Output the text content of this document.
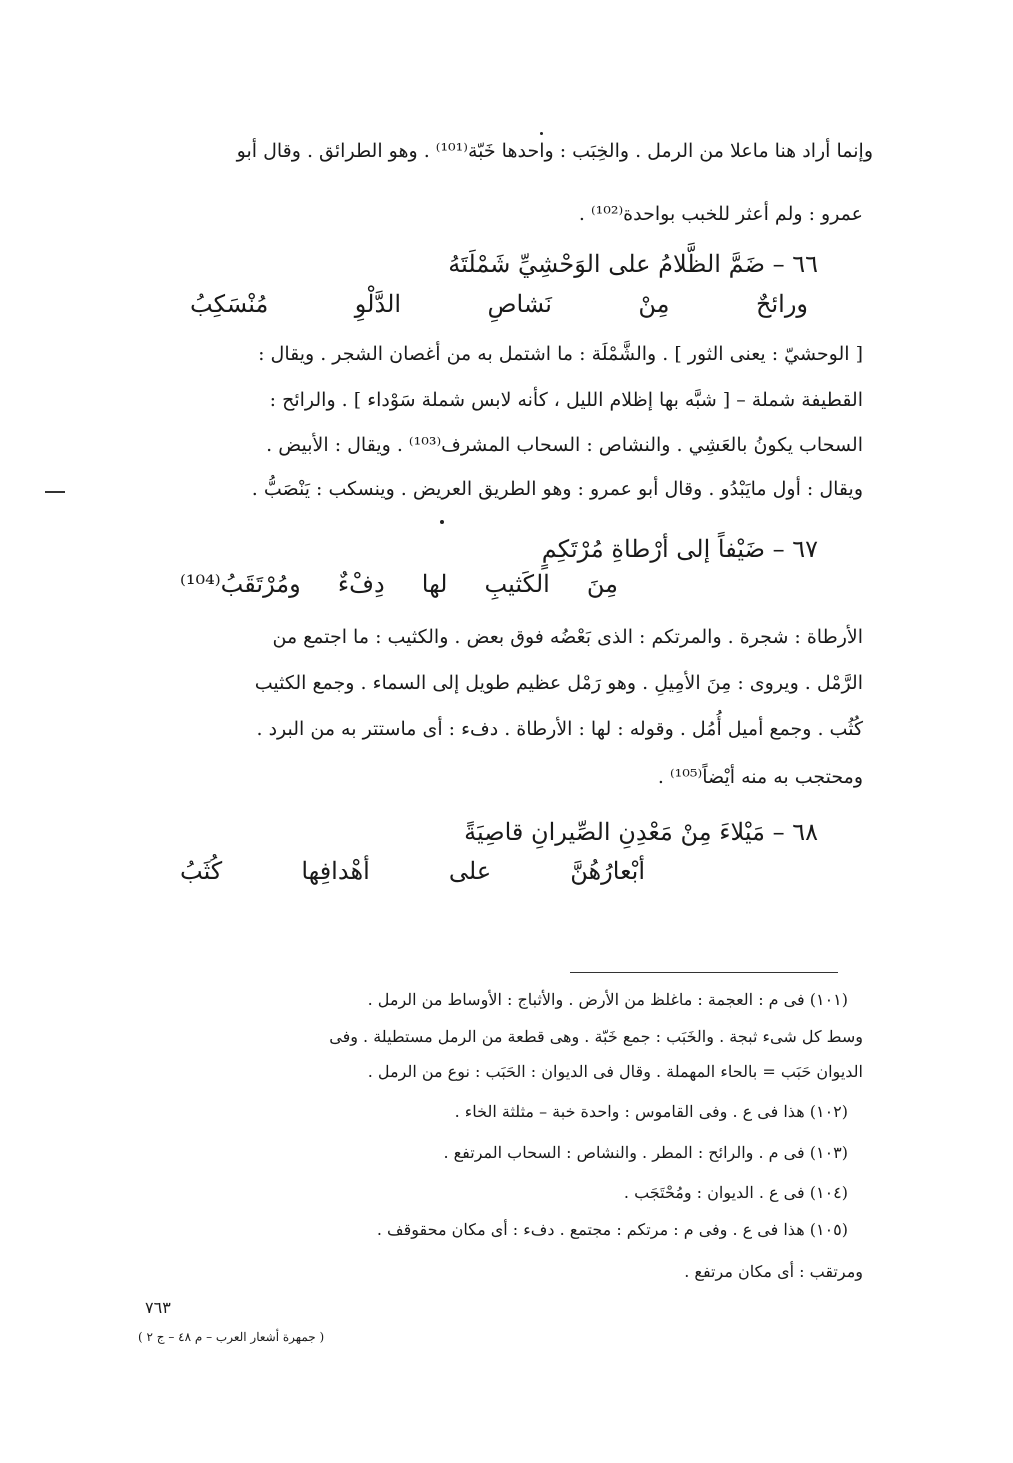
وإنما أراد هنا ماعلا من الرمل . والخِبَب : واحدها خَبّة⁽¹⁰¹⁾ . وهو الطرائق . وقال أبو
عمرو : ولم أعثر للخبب بواحدة⁽¹⁰²⁾ .
٦٦ – ضَمَّ الظَّلامُ على الوَحْشِيِّ شَمْلَتَهُ
ورائحٌ مِنْ نَشاصِ الدَّلْوِ مُنْسَكِبُ
[ الوحشيّ : يعنى الثور ] . والشَّمْلَة : ما اشتمل به من أغصان الشجر . ويقال :
القطيفة شملة – [ شبَّه بها إظلام الليل ، كأنه لابس شملة سَوْداء ] . والرائح :
السحاب يكونُ بالعَشِي . والنشاص : السحاب المشرف⁽¹⁰³⁾ . ويقال : الأبيض .
ويقال : أول مايَبْدُو . وقال أبو عمرو : وهو الطريق العريض . وينسكب : يَنْصَبُّ .
٦٧ – ضَيْفاً إلى أرْطاةِ مُرْتَكِمٍ
مِنَ الكَثيبِ لها دِفْءٌ ومُرْتَقَبُ⁽¹⁰⁴⁾
الأرطاة : شجرة . والمرتكم : الذى بَعْضُه فوق بعض . والكثيب : ما اجتمع من
الرَّمْل . ويروى : مِنَ الأمِيلِ . وهو رَمْل عظيم طويل إلى السماء . وجمع الكثيب
كُثُب . وجمع أميل أُمُل . وقوله : لها : الأرطاة . دفء : أى ماستتر به من البرد .
ومحتجب به منه أيْضاً⁽¹⁰⁵⁾ .
٦٨ – مَيْلاءَ مِنْ مَعْدِنِ الصِّيرانِ قاصِيَةً
أبْعارُهُنَّ على أهْدافِها كُثَبُ
(١٠١) فى م : العجمة : ماغلظ من الأرض . والأثباج : الأوساط من الرمل .
وسط كل شىء ثبجة . والخَبَب : جمع خَبّة . وهى قطعة من الرمل مستطيلة . وفى
الديوان حَبَب = بالحاء المهملة . وقال فى الديوان : الحَبَب : نوع من الرمل .
(١٠٢) هذا فى ع . وفى القاموس : واحدة خبة – مثلثة الخاء .
(١٠٣) فى م . والرائح : المطر . والنشاص : السحاب المرتفع .
(١٠٤) فى ع . الديوان : ومُحْتَجَب .
(١٠٥) هذا فى ع . وفى م : مرتكم : مجتمع . دفء : أى مكان محقوقف .
ومرتقب : أى مكان مرتفع .
٧٦٣
( جمهرة أشعار العرب – م ٤٨ – ج ٢ )
